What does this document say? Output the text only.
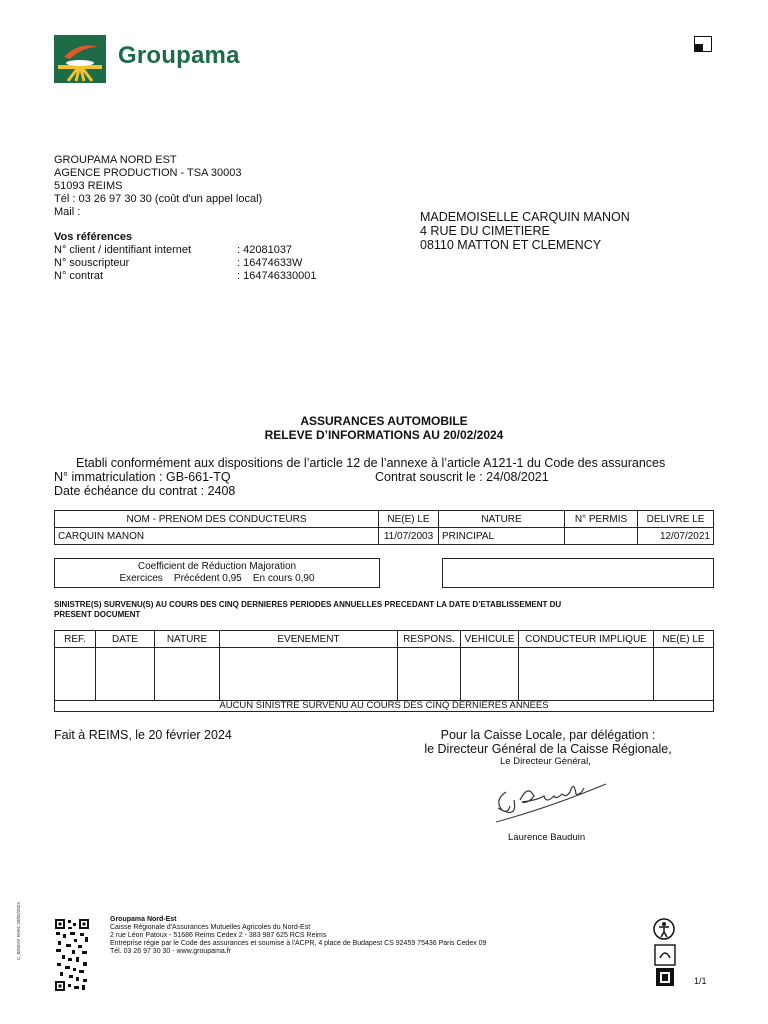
Groupama
GROUPAMA NORD EST
AGENCE PRODUCTION - TSA 30003
51093 REIMS
Tél : 03 26 97 30 30 (coût d'un appel local)
Mail :
Vos références
N° client / identifiant internet	: 42081037
N° souscripteur	: 16474633W
N° contrat	: 164746330001
MADEMOISELLE CARQUIN MANON
4 RUE DU CIMETIERE
08110 MATTON ET CLEMENCY
ASSURANCES AUTOMOBILE
RELEVE D’INFORMATIONS AU 20/02/2024
Etabli conformément aux dispositions de l’article 12 de l’annexe à l’article A121-1 du Code des assurances
N° immatriculation : GB-661-TQ	Contrat souscrit le : 24/08/2021
Date échéance du contrat : 2408
NOM - PRENOM DES CONDUCTEURS	NE(E) LE	NATURE	N° PERMIS	DELIVRE LE
CARQUIN MANON	11/07/2003	PRINCIPAL		12/07/2021
Coefficient de Réduction Majoration
Exercices    Précédent 0,95    En cours 0,90
SINISTRE(S) SURVENU(S) AU COURS DES CINQ DERNIERES PERIODES ANNUELLES PRECEDANT LA DATE D’ETABLISSEMENT DU
PRESENT DOCUMENT
REF.	DATE	NATURE	EVENEMENT	RESPONS.	VEHICULE	CONDUCTEUR IMPLIQUE	NE(E) LE

AUCUN SINISTRE SURVENU AU COURS DES CINQ DERNIERES ANNEES							
Fait à REIMS, le 20 février 2024	Pour la Caisse Locale, par délégation :
le Directeur Général de la Caisse Régionale,
Le Directeur Général,
Laurence Bauduin
C_BISEAT RH01 20/02/2024	Groupama Nord-Est
Caisse Régionale d'Assurances Mutuelles Agricoles du Nord-Est
2 rue Léon Patoux - 51686 Reims Cedex 2 - 383 987 625 RCS Reims
Entreprise régie par le Code des assurances et soumise à l'ACPR, 4 place de Budapest CS 92459 75436 Paris Cedex 09
Tél. 03 26 97 30 30 - www.groupama.fr
1/1
